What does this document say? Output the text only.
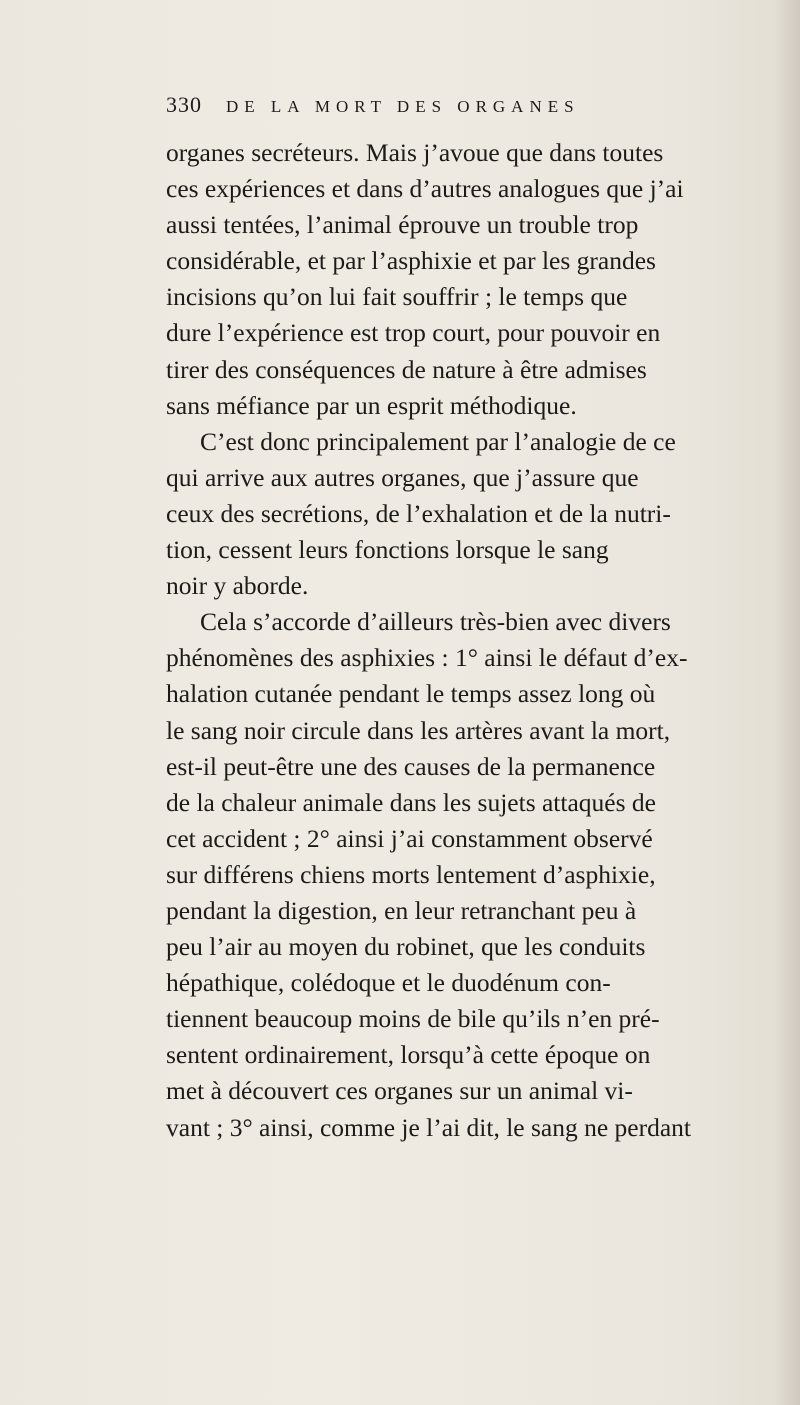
330 DE LA MORT DES ORGANES
organes secréteurs. Mais j’avoue que dans toutes
ces expériences et dans d’autres analogues que j’ai
aussi tentées, l’animal éprouve un trouble trop
considérable, et par l’asphixie et par les grandes
incisions qu’on lui fait souffrir ; le temps que
dure l’expérience est trop court, pour pouvoir en
tirer des conséquences de nature à être admises
sans méfiance par un esprit méthodique.
C’est donc principalement par l’analogie de ce
qui arrive aux autres organes, que j’assure que
ceux des secrétions, de l’exhalation et de la nutri-
tion, cessent leurs fonctions lorsque le sang
noir y aborde.
Cela s’accorde d’ailleurs très-bien avec divers
phénomènes des asphixies : 1° ainsi le défaut d’ex-
halation cutanée pendant le temps assez long où
le sang noir circule dans les artères avant la mort,
est-il peut-être une des causes de la permanence
de la chaleur animale dans les sujets attaqués de
cet accident ; 2° ainsi j’ai constamment observé
sur différens chiens morts lentement d’asphixie,
pendant la digestion, en leur retranchant peu à
peu l’air au moyen du robinet, que les conduits
hépathique, colédoque et le duodénum con-
tiennent beaucoup moins de bile qu’ils n’en pré-
sentent ordinairement, lorsqu’à cette époque on
met à découvert ces organes sur un animal vi-
vant ; 3° ainsi, comme je l’ai dit, le sang ne perdant
